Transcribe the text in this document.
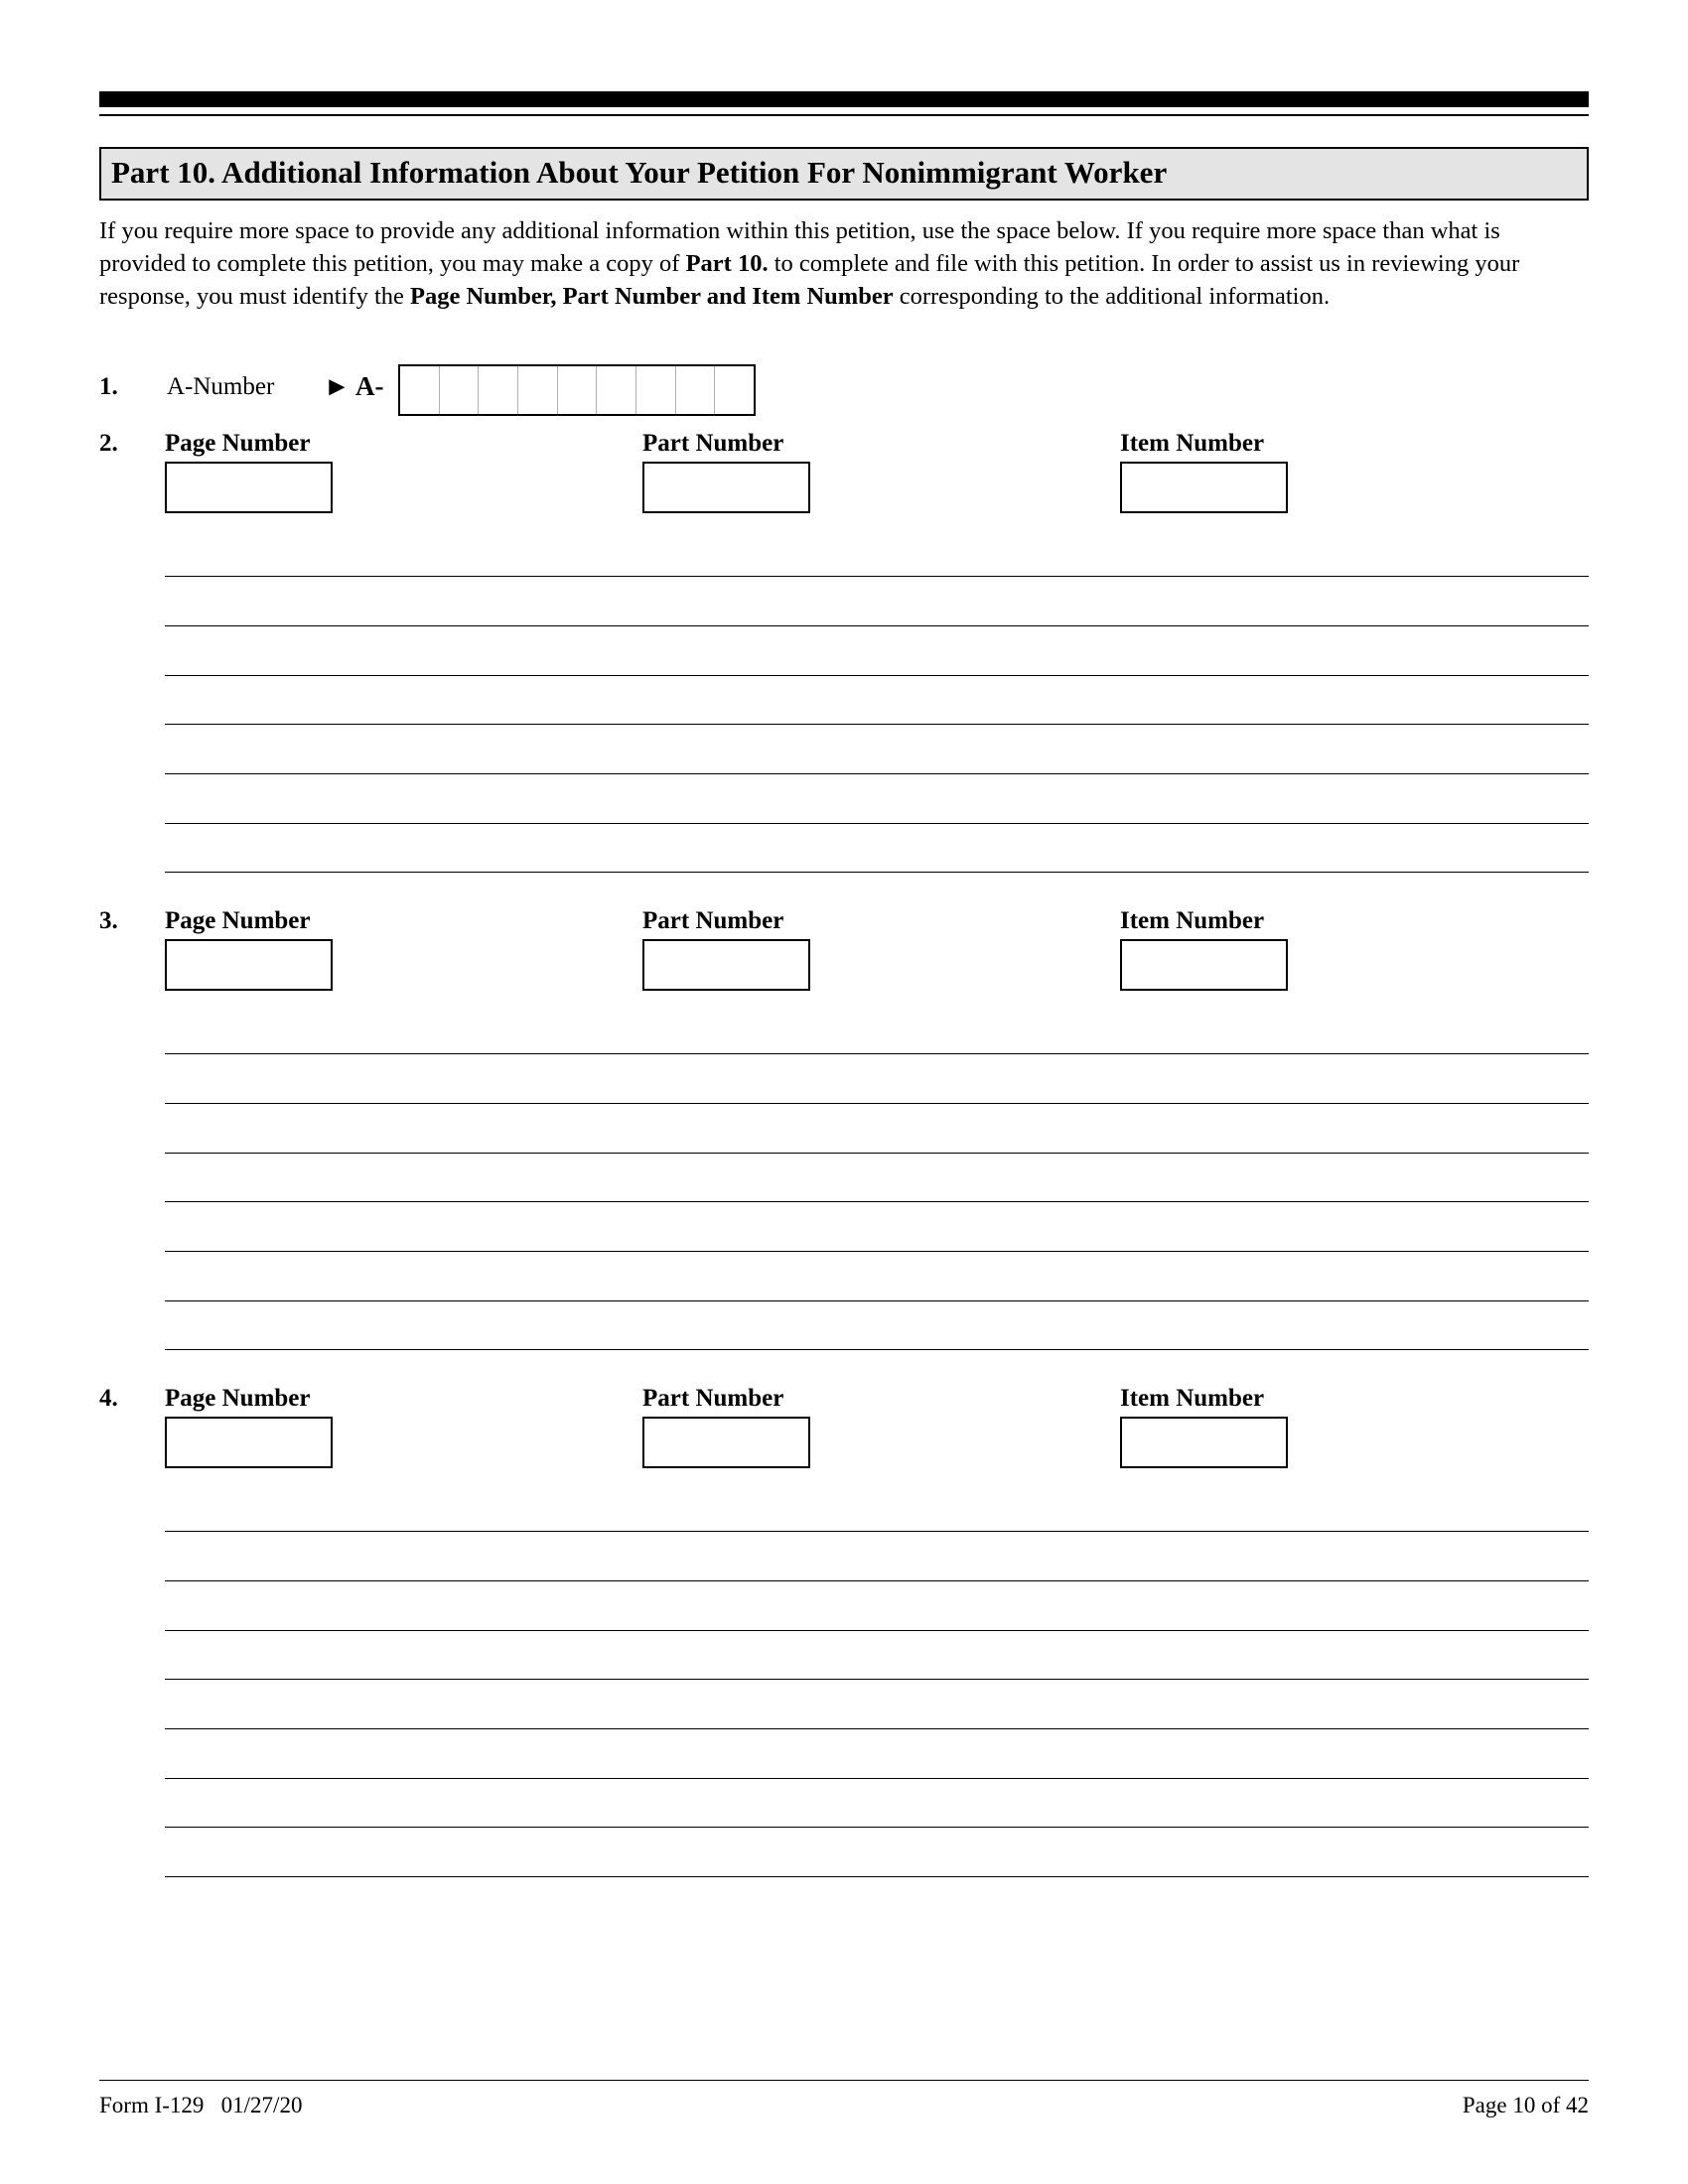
Part 10. Additional Information About Your Petition For Nonimmigrant Worker

If you require more space to provide any additional information within this petition, use the space below. If you require more space than what is provided to complete this petition, you may make a copy of Part 10. to complete and file with this petition. In order to assist us in reviewing your response, you must identify the Page Number, Part Number and Item Number corresponding to the additional information.

1. A-Number ► A-
2. Page Number	Part Number	Item Number
3. Page Number	Part Number	Item Number
4. Page Number	Part Number	Item Number
Form I-129   01/27/20	Page 10 of 42
